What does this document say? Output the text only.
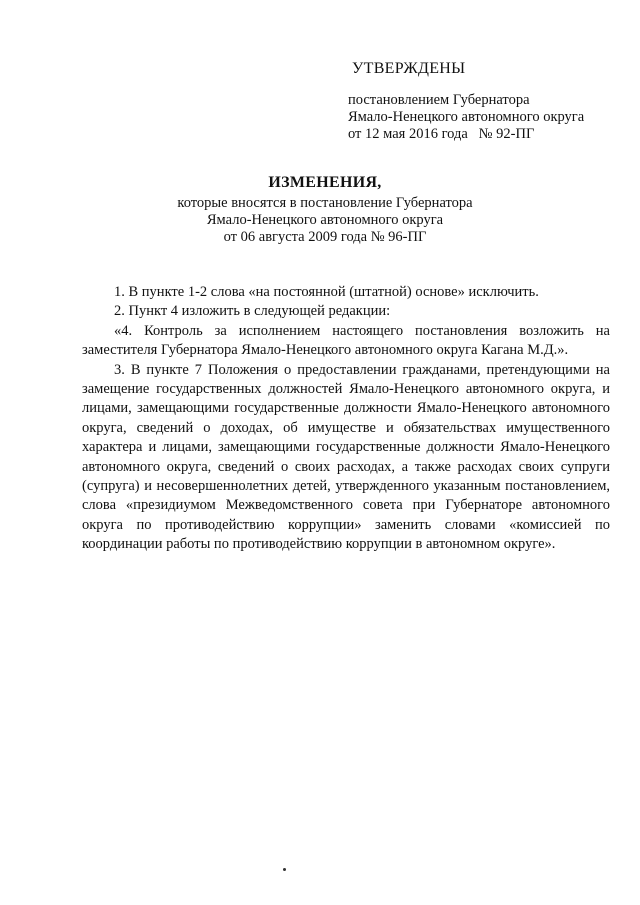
УТВЕРЖДЕНЫ
постановлением Губернатора
Ямало-Ненецкого автономного округа
от 12 мая 2016 года   № 92-ПГ
ИЗМЕНЕНИЯ,
которые вносятся в постановление Губернатора
Ямало-Ненецкого автономного округа
от 06 августа 2009 года № 96-ПГ

1. В пункте 1-2 слова «на постоянной (штатной) основе» исключить.

2. Пункт 4 изложить в следующей редакции:

«4. Контроль за исполнением настоящего постановления возложить на заместителя Губернатора Ямало-Ненецкого автономного округа Кагана М.Д.».

3. В пункте 7 Положения о предоставлении гражданами, претендующими на замещение государственных должностей Ямало-Ненецкого автономного округа, и лицами, замещающими государственные должности Ямало-Ненецкого автономного округа, сведений о доходах, об имуществе и обязательствах имущественного характера и лицами, замещающими государственные должности Ямало-Ненецкого автономного округа, сведений о своих расходах, а также расходах своих супруги (супруга) и несовершеннолетних детей, утвержденного указанным постановлением, слова «президиумом Межведомственного совета при Губернаторе автономного округа по противодействию коррупции» заменить словами «комиссией по координации работы по противодействию коррупции в автономном округе».
